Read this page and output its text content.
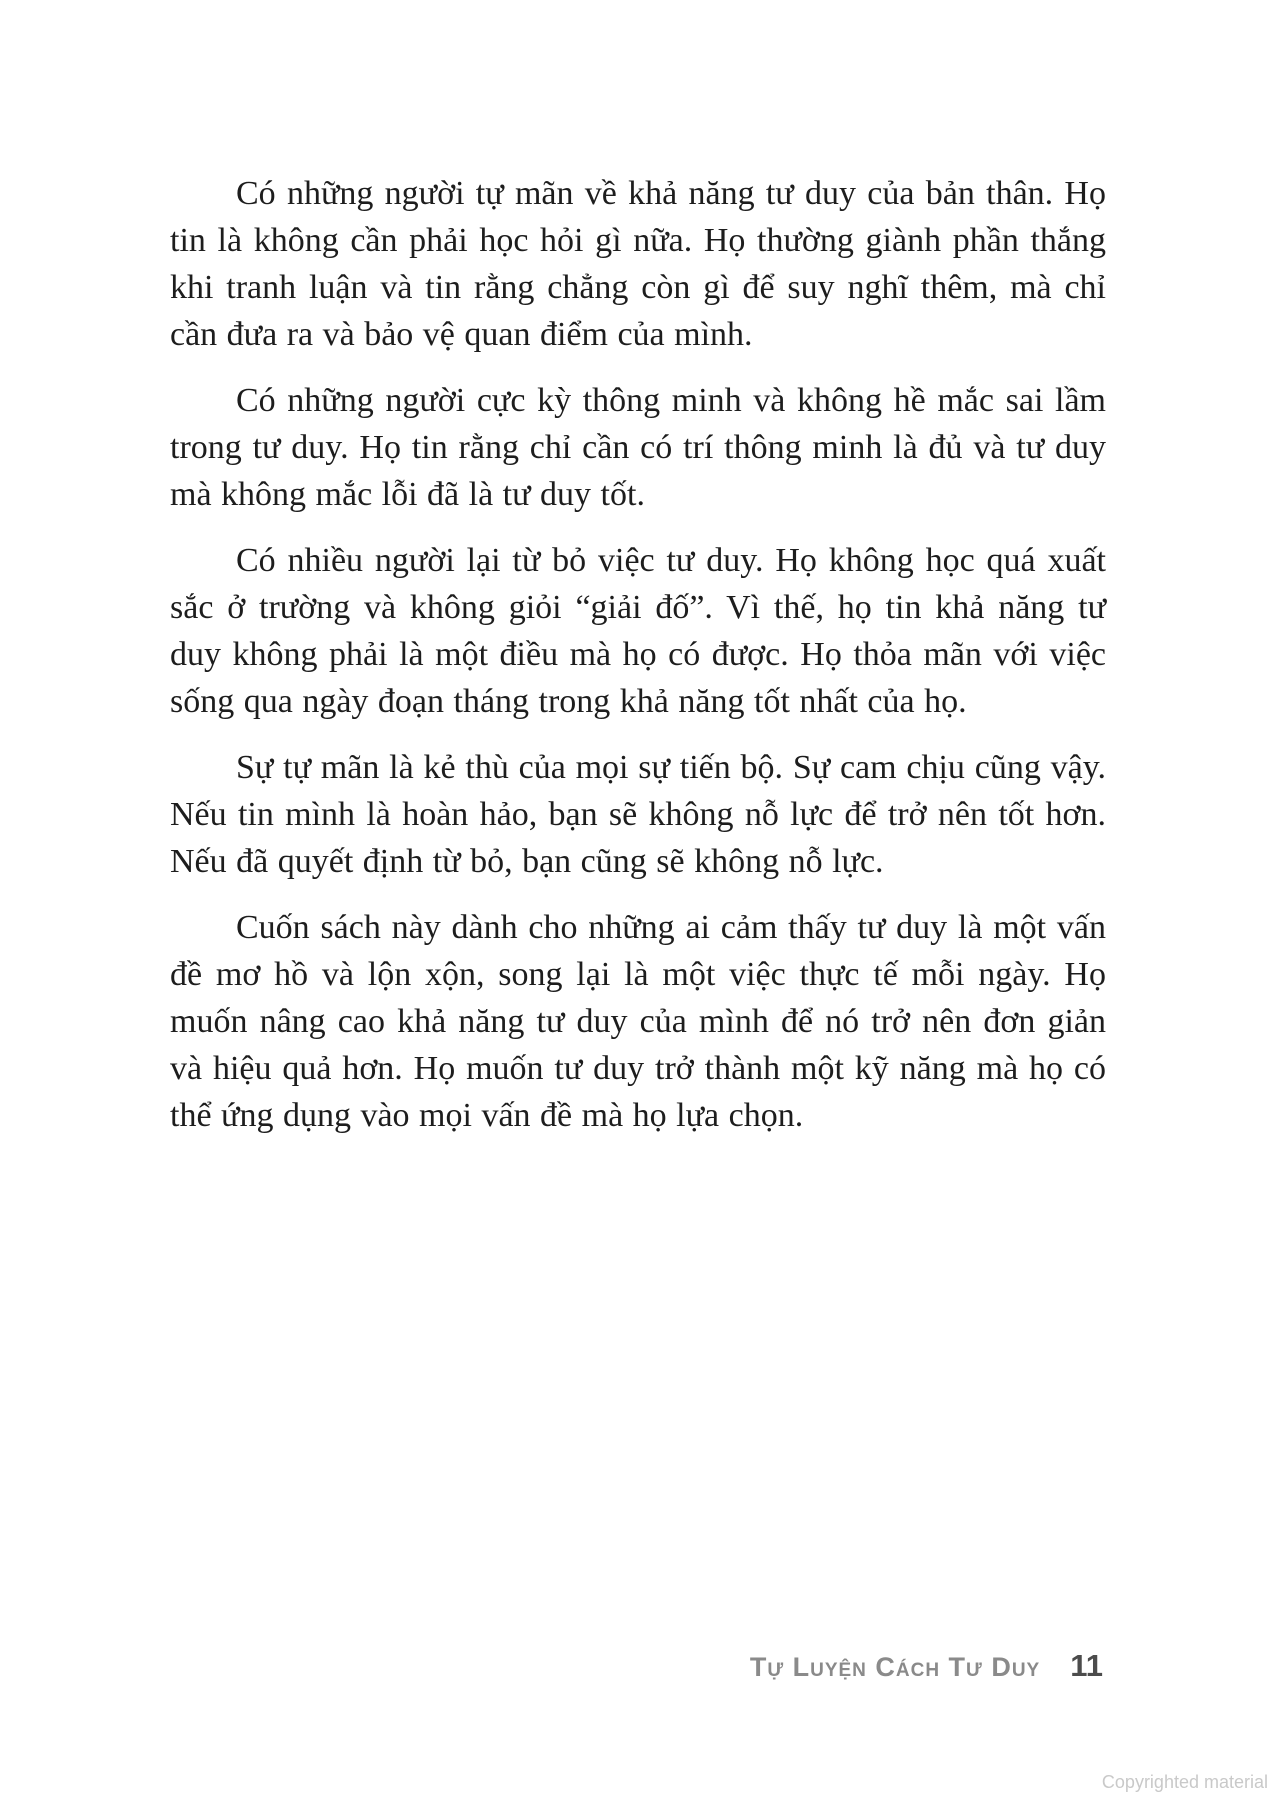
Có những người tự mãn về khả năng tư duy của bản thân. Họ tin là không cần phải học hỏi gì nữa. Họ thường giành phần thắng khi tranh luận và tin rằng chẳng còn gì để suy nghĩ thêm, mà chỉ cần đưa ra và bảo vệ quan điểm của mình.

Có những người cực kỳ thông minh và không hề mắc sai lầm trong tư duy. Họ tin rằng chỉ cần có trí thông minh là đủ và tư duy mà không mắc lỗi đã là tư duy tốt.

Có nhiều người lại từ bỏ việc tư duy. Họ không học quá xuất sắc ở trường và không giỏi “giải đố”. Vì thế, họ tin khả năng tư duy không phải là một điều mà họ có được. Họ thỏa mãn với việc sống qua ngày đoạn tháng trong khả năng tốt nhất của họ.

Sự tự mãn là kẻ thù của mọi sự tiến bộ. Sự cam chịu cũng vậy. Nếu tin mình là hoàn hảo, bạn sẽ không nỗ lực để trở nên tốt hơn. Nếu đã quyết định từ bỏ, bạn cũng sẽ không nỗ lực.

Cuốn sách này dành cho những ai cảm thấy tư duy là một vấn đề mơ hồ và lộn xộn, song lại là một việc thực tế mỗi ngày. Họ muốn nâng cao khả năng tư duy của mình để nó trở nên đơn giản và hiệu quả hơn. Họ muốn tư duy trở thành một kỹ năng mà họ có thể ứng dụng vào mọi vấn đề mà họ lựa chọn.

Tự Luyện Cách Tư Duy 11
Copyrighted material
